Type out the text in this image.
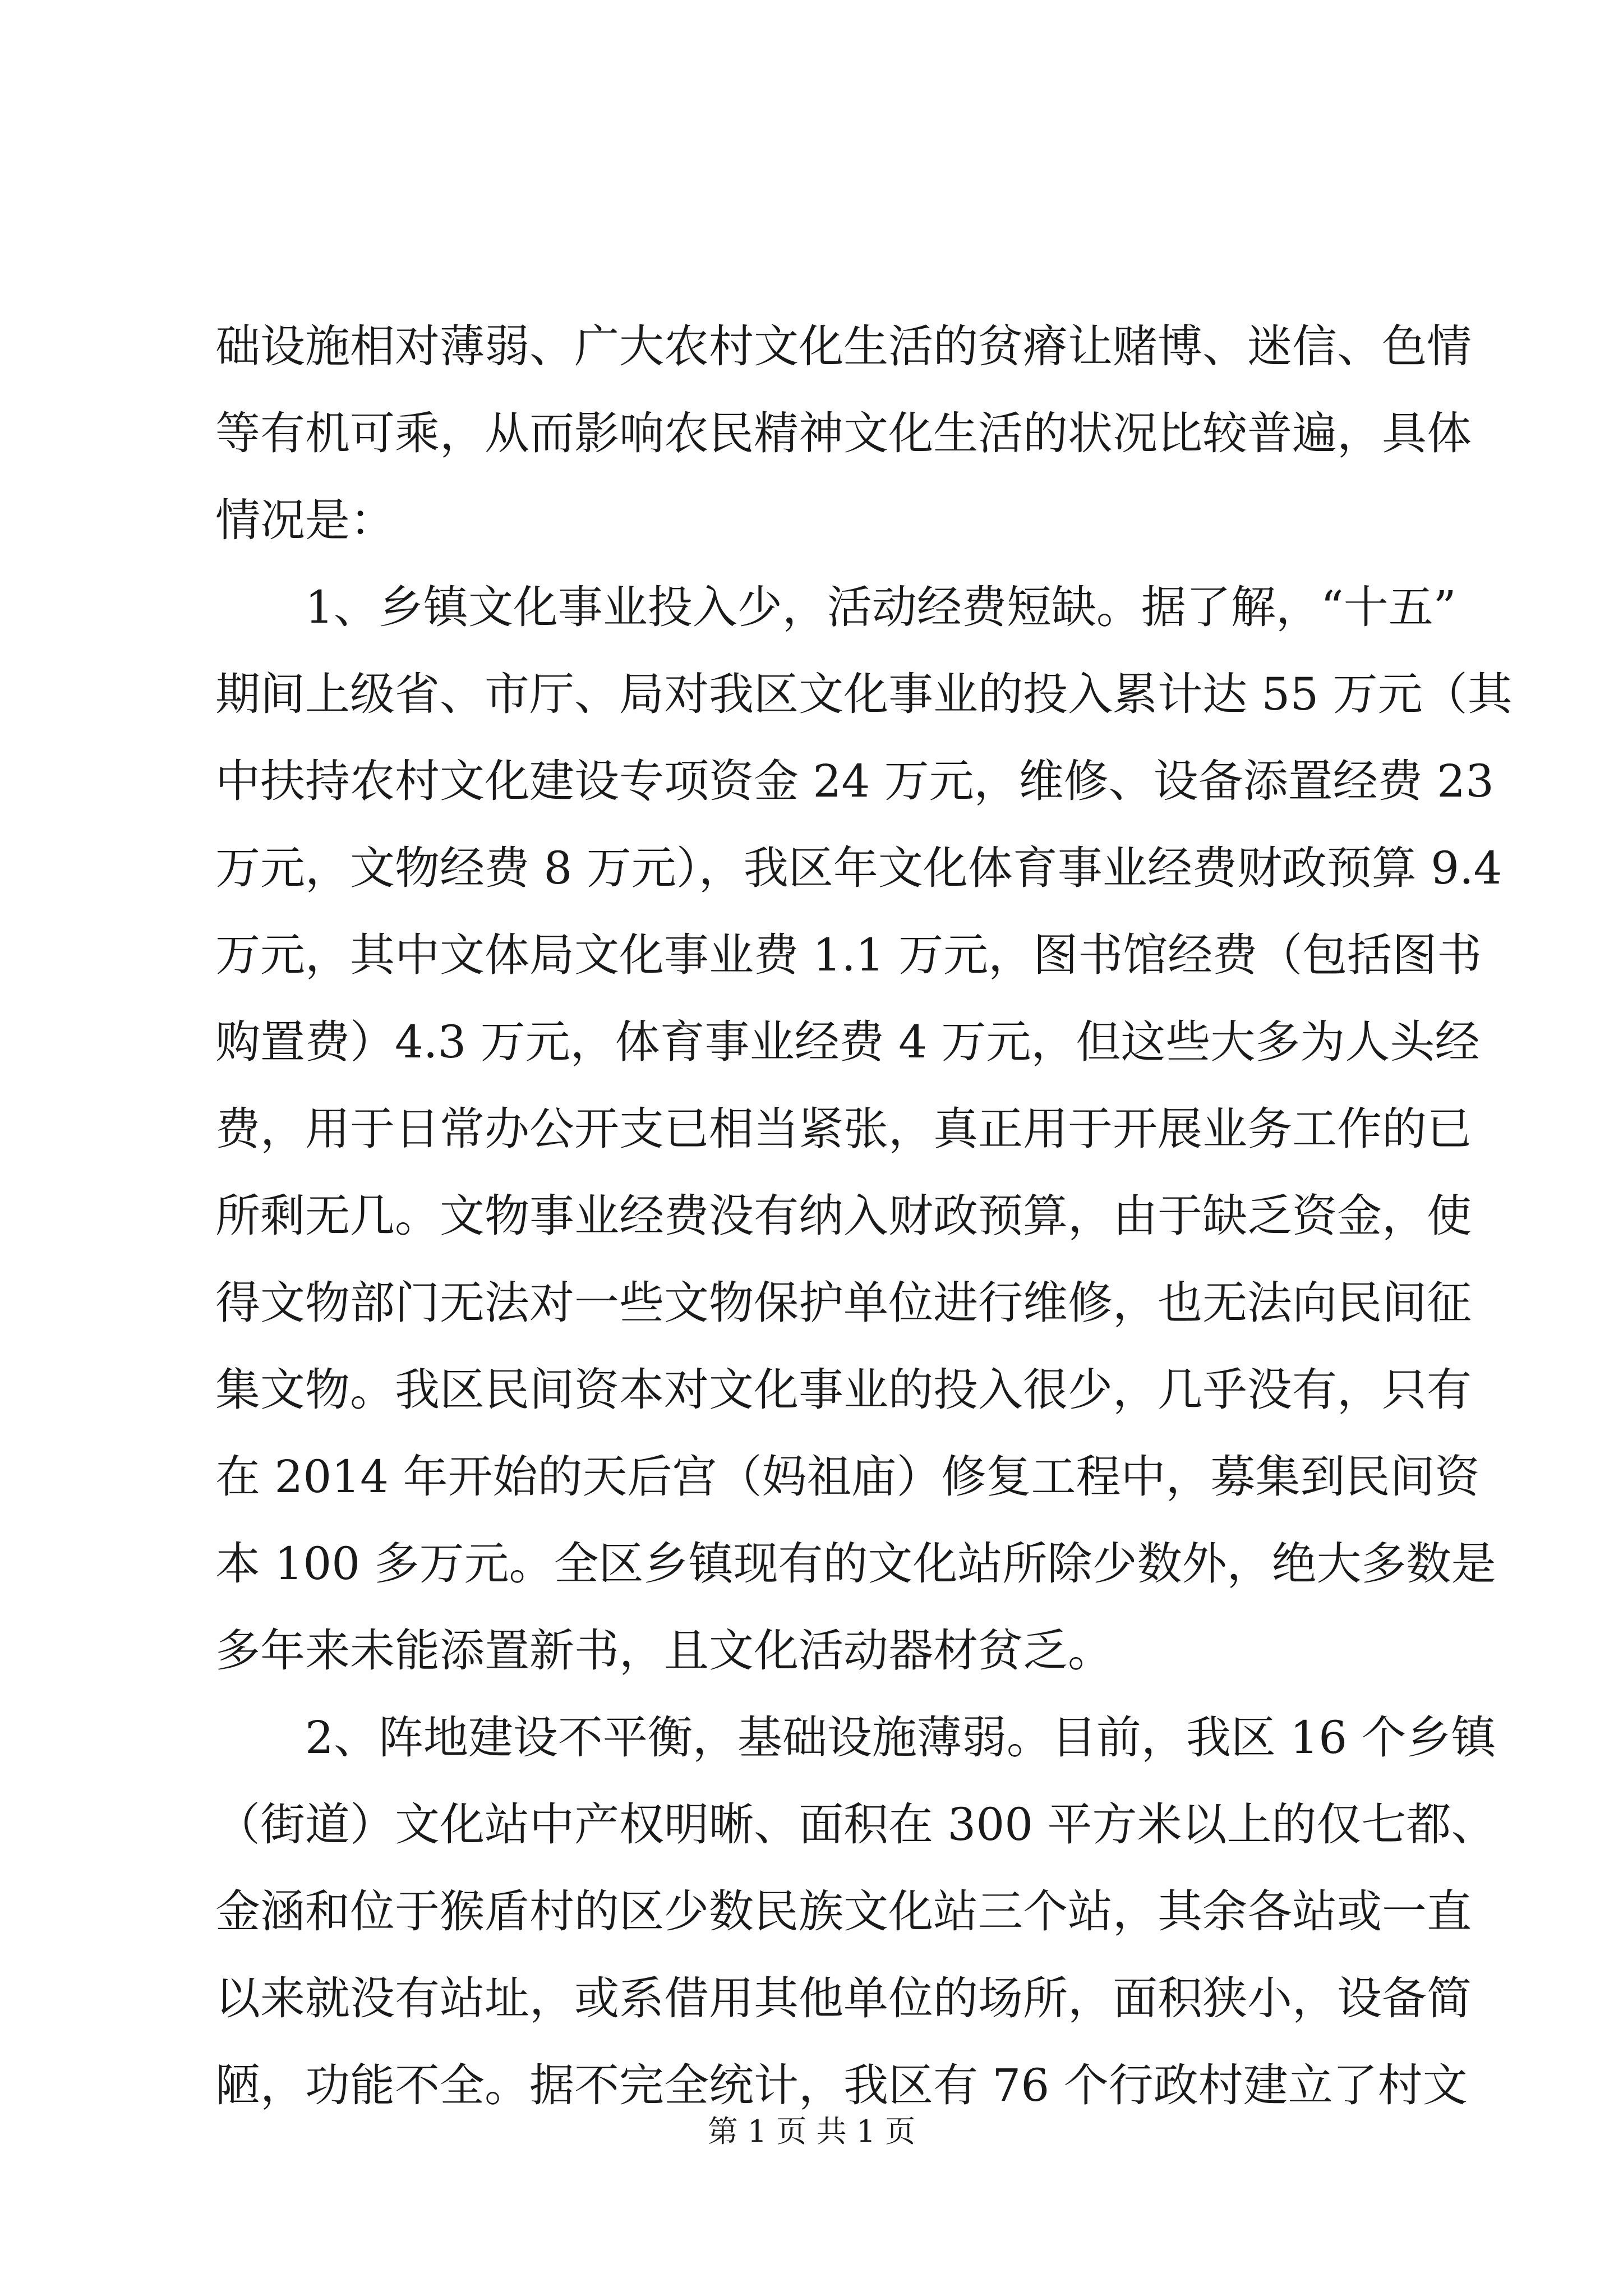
础设施相对薄弱、广大农村文化生活的贫瘠让赌博、迷信、色情
等有机可乘，从而影响农民精神文化生活的状况比较普遍，具体
情况是：
1、乡镇文化事业投入少，活动经费短缺。据了解，“十五”
期间上级省、市厅、局对我区文化事业的投入累计达 55 万元（其
中扶持农村文化建设专项资金 24 万元，维修、设备添置经费 23
万元，文物经费 8 万元），我区年文化体育事业经费财政预算 9.4
万元，其中文体局文化事业费 1.1 万元，图书馆经费（包括图书
购置费）4.3 万元，体育事业经费 4 万元，但这些大多为人头经
费，用于日常办公开支已相当紧张，真正用于开展业务工作的已
所剩无几。文物事业经费没有纳入财政预算，由于缺乏资金，使
得文物部门无法对一些文物保护单位进行维修，也无法向民间征
集文物。我区民间资本对文化事业的投入很少，几乎没有，只有
在 2014 年开始的天后宫（妈祖庙）修复工程中，募集到民间资
本 100 多万元。全区乡镇现有的文化站所除少数外，绝大多数是
多年来未能添置新书，且文化活动器材贫乏。
2、阵地建设不平衡，基础设施薄弱。目前，我区 16 个乡镇
（街道）文化站中产权明晰、面积在 300 平方米以上的仅七都、
金涵和位于猴盾村的区少数民族文化站三个站，其余各站或一直
以来就没有站址，或系借用其他单位的场所，面积狭小，设备简
陋，功能不全。据不完全统计，我区有 76 个行政村建立了村文
第 1 页 共 1 页
